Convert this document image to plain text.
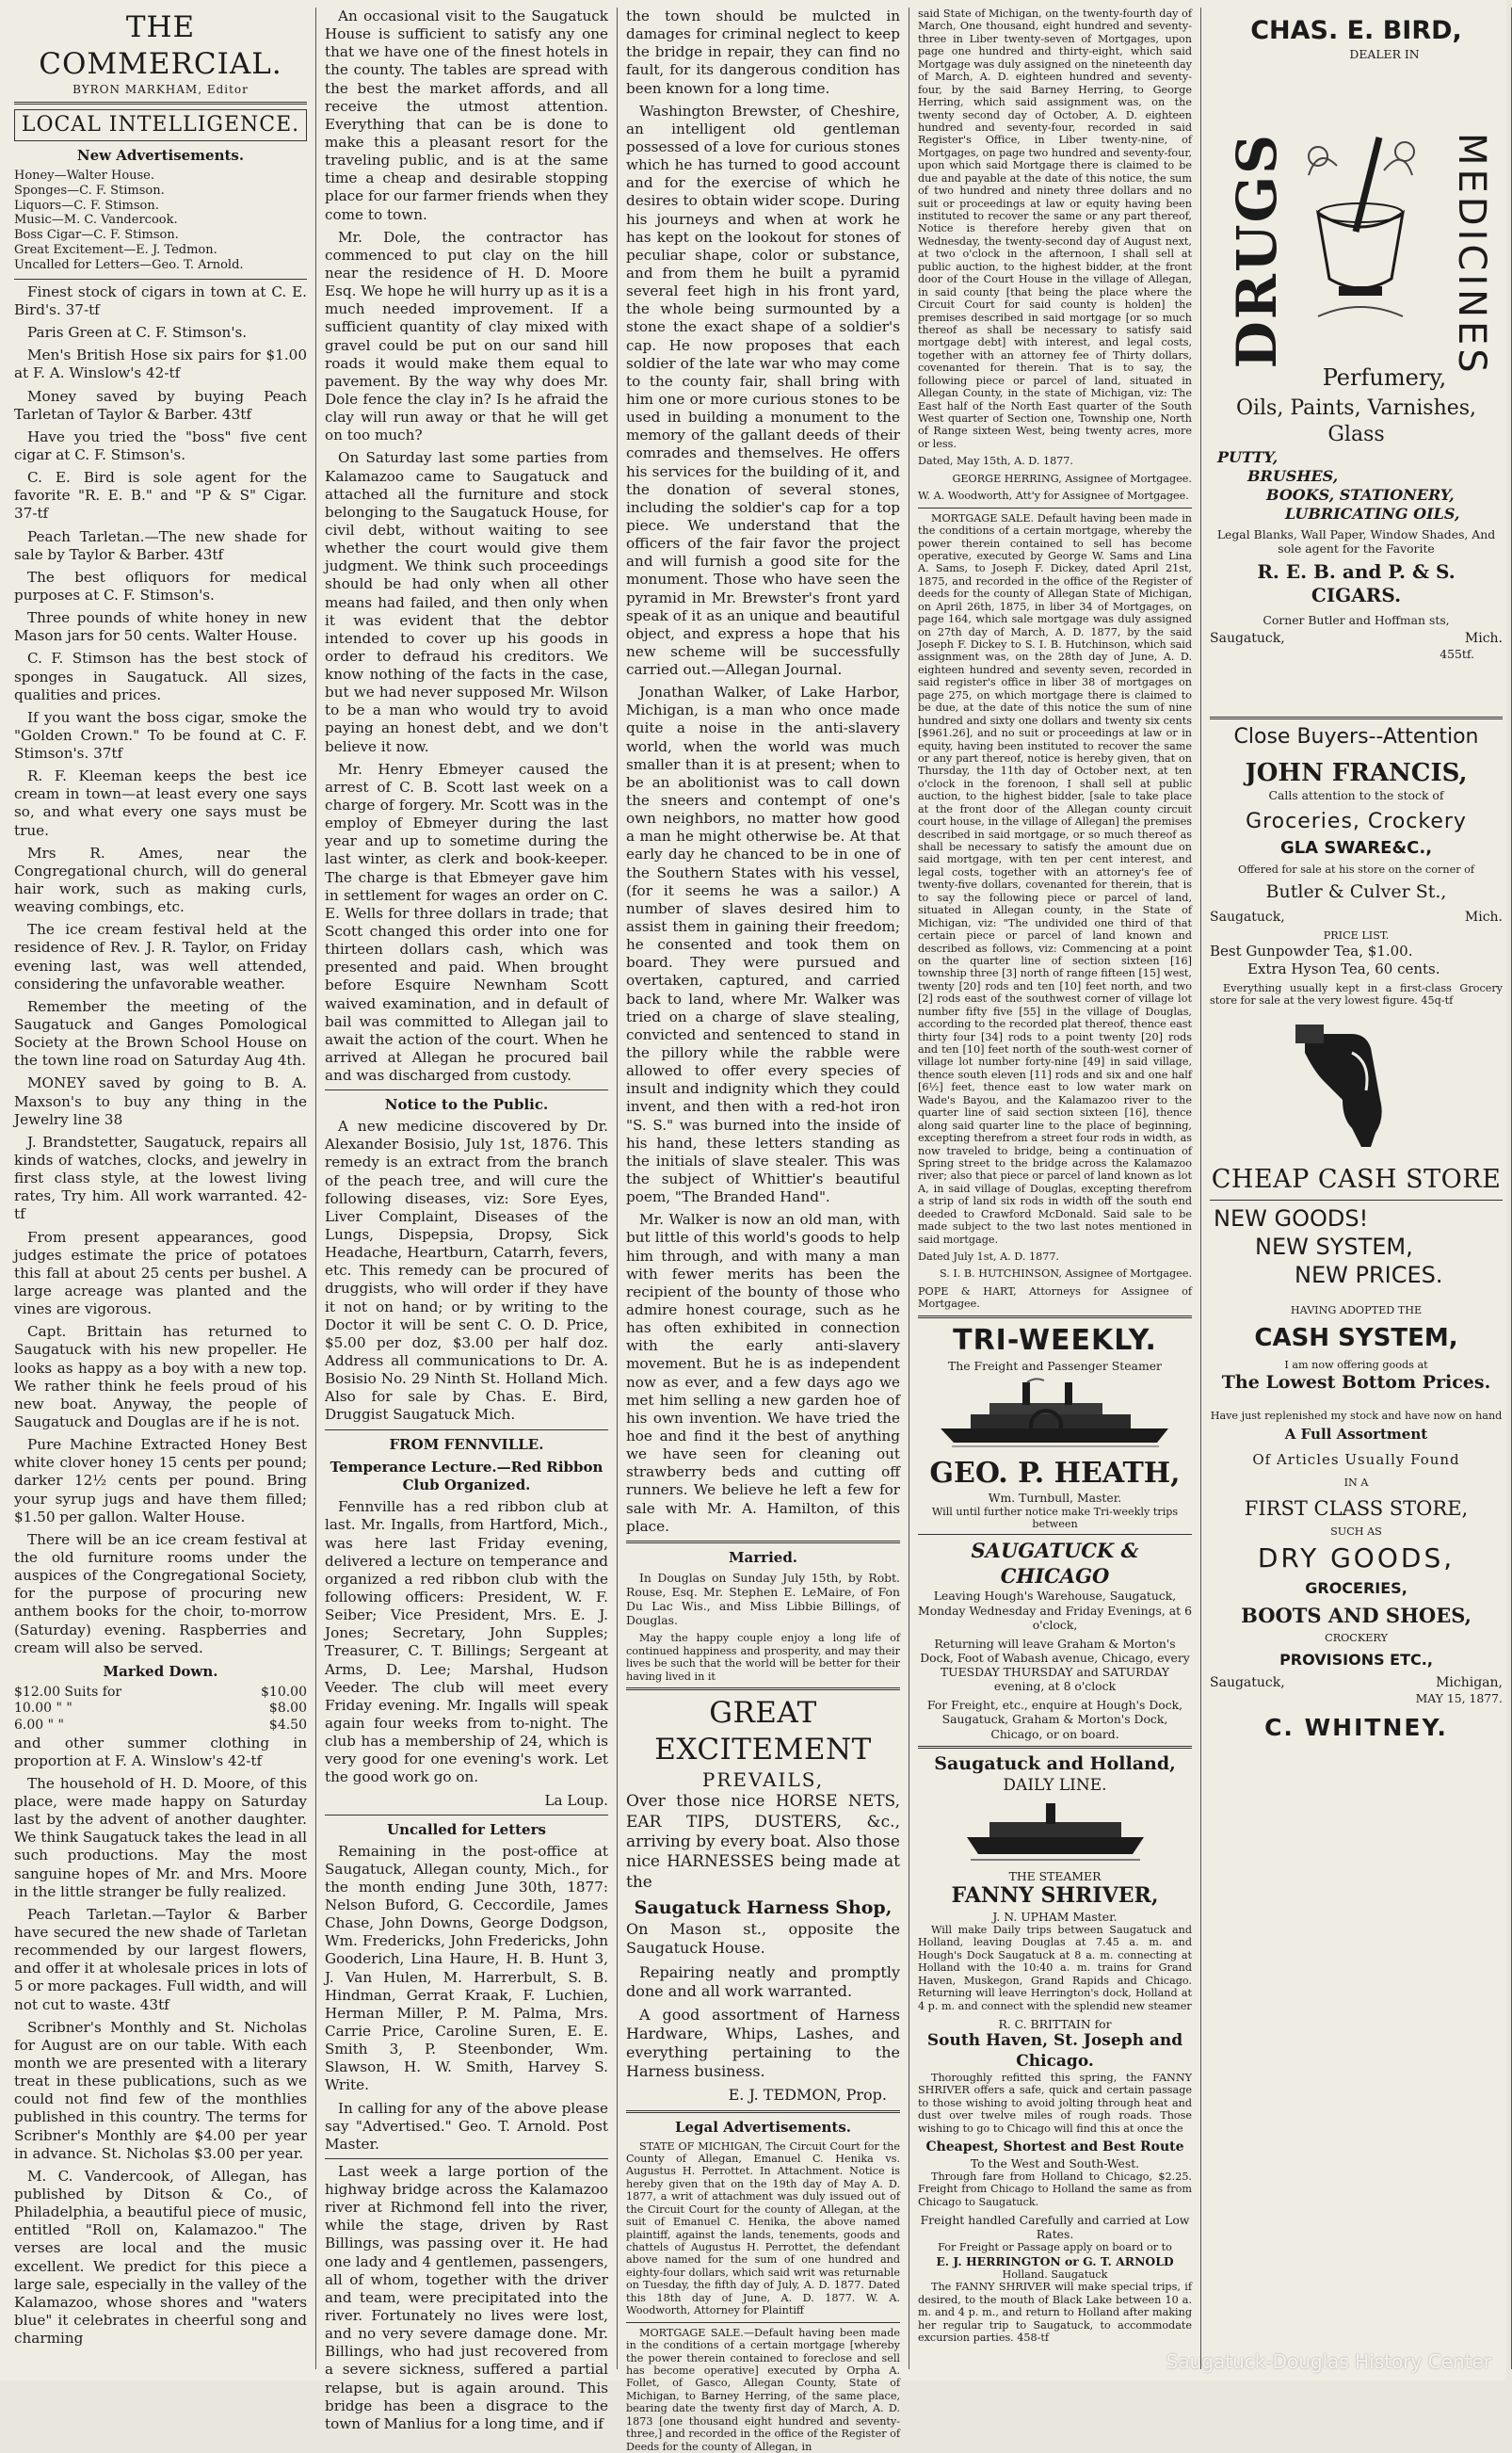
THE COMMERCIAL.
BYRON MARKHAM, Editor
LOCAL INTELLIGENCE.
New Advertisements.
Honey—Walter House.
Sponges—C. F. Stimson.
Liquors—C. F. Stimson.
Music—M. C. Vandercook.
Boss Cigar—C. F. Stimson.
Great Excitement—E. J. Tedmon.
Uncalled for Letters—Geo. T. Arnold.

Finest stock of cigars in town at C. E. Bird's. 37-tf

Paris Green at C. F. Stimson's.

Men's British Hose six pairs for $1.00 at F. A. Winslow's 42-tf

Money saved by buying Peach Tarletan of Taylor & Barber. 43tf

Have you tried the "boss" five cent cigar at C. F. Stimson's.

C. E. Bird is sole agent for the favorite "R. E. B." and "P & S" Cigar. 37-tf

Peach Tarletan.—The new shade for sale by Taylor & Barber. 43tf

The best ofliquors for medical purposes at C. F. Stimson's.

Three pounds of white honey in new Mason jars for 50 cents. Walter House.

C. F. Stimson has the best stock of sponges in Saugatuck. All sizes, qualities and prices.

If you want the boss cigar, smoke the "Golden Crown." To be found at C. F. Stimson's. 37tf

R. F. Kleeman keeps the best ice cream in town—at least every one says so, and what every one says must be true.

Mrs R. Ames, near the Congregational church, will do general hair work, such as making curls, weaving combings, etc.

The ice cream festival held at the residence of Rev. J. R. Taylor, on Friday evening last, was well attended, considering the unfavorable weather.

Remember the meeting of the Saugatuck and Ganges Pomological Society at the Brown School House on the town line road on Saturday Aug 4th.

MONEY saved by going to B. A. Maxson's to buy any thing in the Jewelry line 38

J. Brandstetter, Saugatuck, repairs all kinds of watches, clocks, and jewelry in first class style, at the lowest living rates, Try him. All work warranted. 42-tf

From present appearances, good judges estimate the price of potatoes this fall at about 25 cents per bushel. A large acreage was planted and the vines are vigorous.

Capt. Brittain has returned to Saugatuck with his new propeller. He looks as happy as a boy with a new top. We rather think he feels proud of his new boat. Anyway, the people of Saugatuck and Douglas are if he is not.

Pure Machine Extracted Honey Best white clover honey 15 cents per pound; darker 12½ cents per pound. Bring your syrup jugs and have them filled; $1.50 per gallon. Walter House.

There will be an ice cream festival at the old furniture rooms under the auspices of the Congregational Society, for the purpose of procuring new anthem books for the choir, to-morrow (Saturday) evening. Raspberries and cream will also be served.

Marked Down.
$12.00 Suits for	$10.00
10.00 " "	$8.00
6.00 " "	$4.50

and other summer clothing in proportion at F. A. Winslow's 42-tf

The household of H. D. Moore, of this place, were made happy on Saturday last by the advent of another daughter. We think Saugatuck takes the lead in all such productions. May the most sanguine hopes of Mr. and Mrs. Moore in the little stranger be fully realized.

Peach Tarletan.—Taylor & Barber have secured the new shade of Tarletan recommended by our largest flowers, and offer it at wholesale prices in lots of 5 or more packages. Full width, and will not cut to waste. 43tf

Scribner's Monthly and St. Nicholas for August are on our table. With each month we are presented with a literary treat in these publications, such as we could not find few of the monthlies published in this country. The terms for Scribner's Monthly are $4.00 per year in advance. St. Nicholas $3.00 per year.

M. C. Vandercook, of Allegan, has published by Ditson & Co., of Philadelphia, a beautiful piece of music, entitled "Roll on, Kalamazoo." The verses are local and the music excellent. We predict for this piece a large sale, especially in the valley of the Kalamazoo, whose shores and "waters blue" it celebrates in cheerful song and charming

An occasional visit to the Saugatuck House is sufficient to satisfy any one that we have one of the finest hotels in the county. The tables are spread with the best the market affords, and all receive the utmost attention. Everything that can be is done to make this a pleasant resort for the traveling public, and is at the same time a cheap and desirable stopping place for our farmer friends when they come to town.

Mr. Dole, the contractor has commenced to put clay on the hill near the residence of H. D. Moore Esq. We hope he will hurry up as it is a much needed improvement. If a sufficient quantity of clay mixed with gravel could be put on our sand hill roads it would make them equal to pavement. By the way why does Mr. Dole fence the clay in? Is he afraid the clay will run away or that he will get on too much?

On Saturday last some parties from Kalamazoo came to Saugatuck and attached all the furniture and stock belonging to the Saugatuck House, for civil debt, without waiting to see whether the court would give them judgment. We think such proceedings should be had only when all other means had failed, and then only when it was evident that the debtor intended to cover up his goods in order to defraud his creditors. We know nothing of the facts in the case, but we had never supposed Mr. Wilson to be a man who would try to avoid paying an honest debt, and we don't believe it now.

Mr. Henry Ebmeyer caused the arrest of C. B. Scott last week on a charge of forgery. Mr. Scott was in the employ of Ebmeyer during the last year and up to sometime during the last winter, as clerk and book-keeper. The charge is that Ebmeyer gave him in settlement for wages an order on C. E. Wells for three dollars in trade; that Scott changed this order into one for thirteen dollars cash, which was presented and paid. When brought before Esquire Newnham Scott waived examination, and in default of bail was committed to Allegan jail to await the action of the court. When he arrived at Allegan he procured bail and was discharged from custody.

Notice to the Public.

A new medicine discovered by Dr. Alexander Bosisio, July 1st, 1876. This remedy is an extract from the branch of the peach tree, and will cure the following diseases, viz: Sore Eyes, Liver Complaint, Diseases of the Lungs, Dispepsia, Dropsy, Sick Headache, Heartburn, Catarrh, fevers, etc. This remedy can be procured of druggists, who will order if they have it not on hand; or by writing to the Doctor it will be sent C. O. D. Price, $5.00 per doz, $3.00 per half doz. Address all communications to Dr. A. Bosisio No. 29 Ninth St. Holland Mich. Also for sale by Chas. E. Bird, Druggist Saugatuck Mich.

FROM FENNVILLE.
Temperance Lecture.—Red Ribbon Club Organized.

Fennville has a red ribbon club at last. Mr. Ingalls, from Hartford, Mich., was here last Friday evening, delivered a lecture on temperance and organized a red ribbon club with the following officers: President, W. F. Seiber; Vice President, Mrs. E. J. Jones; Secretary, John Supples; Treasurer, C. T. Billings; Sergeant at Arms, D. Lee; Marshal, Hudson Veeder. The club will meet every Friday evening. Mr. Ingalls will speak again four weeks from to-night. The club has a membership of 24, which is very good for one evening's work. Let the good work go on.

La Loup.

Uncalled for Letters

Remaining in the post-office at Saugatuck, Allegan county, Mich., for the month ending June 30th, 1877: Nelson Buford, G. Ceccordile, James Chase, John Downs, George Dodgson, Wm. Fredericks, John Fredericks, John Gooderich, Lina Haure, H. B. Hunt 3, J. Van Hulen, M. Harrerbult, S. B. Hindman, Gerrat Kraak, F. Luchien, Herman Miller, P. M. Palma, Mrs. Carrie Price, Caroline Suren, E. E. Smith 3, P. Steenbonder, Wm. Slawson, H. W. Smith, Harvey S. Write.

In calling for any of the above please say "Advertised." Geo. T. Arnold. Post Master.

Last week a large portion of the highway bridge across the Kalamazoo river at Richmond fell into the river, while the stage, driven by Rast Billings, was passing over it. He had one lady and 4 gentlemen, passengers, all of whom, together with the driver and team, were precipitated into the river. Fortunately no lives were lost, and no very severe damage done. Mr. Billings, who had just recovered from a severe sickness, suffered a partial relapse, but is again around. This bridge has been a disgrace to the town of Manlius for a long time, and if

the town should be mulcted in damages for criminal neglect to keep the bridge in repair, they can find no fault, for its dangerous condition has been known for a long time.

Washington Brewster, of Cheshire, an intelligent old gentleman possessed of a love for curious stones which he has turned to good account and for the exercise of which he desires to obtain wider scope. During his journeys and when at work he has kept on the lookout for stones of peculiar shape, color or substance, and from them he built a pyramid several feet high in his front yard, the whole being surmounted by a stone the exact shape of a soldier's cap. He now proposes that each soldier of the late war who may come to the county fair, shall bring with him one or more curious stones to be used in building a monument to the memory of the gallant deeds of their comrades and themselves. He offers his services for the building of it, and the donation of several stones, including the soldier's cap for a top piece. We understand that the officers of the fair favor the project and will furnish a good site for the monument. Those who have seen the pyramid in Mr. Brewster's front yard speak of it as an unique and beautiful object, and express a hope that his new scheme will be successfully carried out.—Allegan Journal.

Jonathan Walker, of Lake Harbor, Michigan, is a man who once made quite a noise in the anti-slavery world, when the world was much smaller than it is at present; when to be an abolitionist was to call down the sneers and contempt of one's own neighbors, no matter how good a man he might otherwise be. At that early day he chanced to be in one of the Southern States with his vessel, (for it seems he was a sailor.) A number of slaves desired him to assist them in gaining their freedom; he consented and took them on board. They were pursued and overtaken, captured, and carried back to land, where Mr. Walker was tried on a charge of slave stealing, convicted and sentenced to stand in the pillory while the rabble were allowed to offer every species of insult and indignity which they could invent, and then with a red-hot iron "S. S." was burned into the inside of his hand, these letters standing as the initials of slave stealer. This was the subject of Whittier's beautiful poem, "The Branded Hand".

Mr. Walker is now an old man, with but little of this world's goods to help him through, and with many a man with fewer merits has been the recipient of the bounty of those who admire honest courage, such as he has often exhibited in connection with the early anti-slavery movement. But he is as independent now as ever, and a few days ago we met him selling a new garden hoe of his own invention. We have tried the hoe and find it the best of anything we have seen for cleaning out strawberry beds and cutting off runners. We believe he left a few for sale with Mr. A. Hamilton, of this place.

Married.

In Douglas on Sunday July 15th, by Robt. Rouse, Esq. Mr. Stephen E. LeMaire, of Fon Du Lac Wis., and Miss Libbie Billings, of Douglas.

May the happy couple enjoy a long life of continued happiness and prosperity, and may their lives be such that the world will be better for their having lived in it

GREAT EXCITEMENT
PREVAILS,

Over those nice HORSE NETS, EAR TIPS, DUSTERS, &c., arriving by every boat. Also those nice HARNESSES being made at the

Saugatuck Harness Shop,

On Mason st., opposite the Saugatuck House.

Repairing neatly and promptly done and all work warranted.

A good assortment of Harness Hardware, Whips, Lashes, and everything pertaining to the Harness business.

E. J. TEDMON, Prop.
Legal Advertisements.

STATE OF MICHIGAN, The Circuit Court for the County of Allegan, Emanuel C. Henika vs. Augustus H. Perrottet. In Attachment. Notice is hereby given that on the 19th day of May A. D. 1877, a writ of attachment was duly issued out of the Circuit Court for the county of Allegan, at the suit of Emanuel C. Henika, the above named plaintiff, against the lands, tenements, goods and chattels of Augustus H. Perrottet, the defendant above named for the sum of one hundred and eighty-four dollars, which said writ was returnable on Tuesday, the fifth day of July, A. D. 1877. Dated this 18th day of June, A. D. 1877. W. A. Woodworth, Attorney for Plaintiff

MORTGAGE SALE.—Default having been made in the conditions of a certain mortgage [whereby the power therein contained to foreclose and sell has become operative] executed by Orpha A. Follet, of Gasco, Allegan County, State of Michigan, to Barney Herring, of the same place, bearing date the twenty first day of March, A. D. 1873 [one thousand eight hundred and seventy-three,] and recorded in the office of the Register of Deeds for the county of Allegan, in

said State of Michigan, on the twenty-fourth day of March, One thousand, eight hundred and seventy-three in Liber twenty-seven of Mortgages, upon page one hundred and thirty-eight, which said Mortgage was duly assigned on the nineteenth day of March, A. D. eighteen hundred and seventy-four, by the said Barney Herring, to George Herring, which said assignment was, on the twenty second day of October, A. D. eighteen hundred and seventy-four, recorded in said Register's Office, in Liber twenty-nine, of Mortgages, on page two hundred and seventy-four, upon which said Mortgage there is claimed to be due and payable at the date of this notice, the sum of two hundred and ninety three dollars and no suit or proceedings at law or equity having been instituted to recover the same or any part thereof, Notice is therefore hereby given that on Wednesday, the twenty-second day of August next, at two o'clock in the afternoon, I shall sell at public auction, to the highest bidder, at the front door of the Court House in the village of Allegan, in said county [that being the place where the Circuit Court for said county is holden] the premises described in said mortgage [or so much thereof as shall be necessary to satisfy said mortgage debt] with interest, and legal costs, together with an attorney fee of Thirty dollars, covenanted for therein. That is to say, the following piece or parcel of land, situated in Allegan County, in the state of Michigan, viz: The East half of the North East quarter of the South West quarter of Section one, Township one, North of Range sixteen West, being twenty acres, more or less.

Dated, May 15th, A. D. 1877.

GEORGE HERRING, Assignee of Mortgagee.

W. A. Woodworth, Att'y for Assignee of Mortgagee.

MORTGAGE SALE. Default having been made in the conditions of a certain mortgage, whereby the power therein contained to sell has become operative, executed by George W. Sams and Lina A. Sams, to Joseph F. Dickey, dated April 21st, 1875, and recorded in the office of the Register of deeds for the county of Allegan State of Michigan, on April 26th, 1875, in liber 34 of Mortgages, on page 164, which sale mortgage was duly assigned on 27th day of March, A. D. 1877, by the said Joseph F. Dickey to S. I. B. Hutchinson, which said assignment was, on the 28th day of June, A. D. eighteen hundred and seventy seven, recorded in said register's office in liber 38 of mortgages on page 275, on which mortgage there is claimed to be due, at the date of this notice the sum of nine hundred and sixty one dollars and twenty six cents [$961.26], and no suit or proceedings at law or in equity, having been instituted to recover the same or any part thereof, notice is hereby given, that on Thursday, the 11th day of October next, at ten o'clock in the forenoon, I shall sell at public auction, to the highest bidder, [sale to take place at the front door of the Allegan county circuit court house, in the village of Allegan] the premises described in said mortgage, or so much thereof as shall be necessary to satisfy the amount due on said mortgage, with ten per cent interest, and legal costs, together with an attorney's fee of twenty-five dollars, covenanted for therein, that is to say the following piece or parcel of land, situated in Allegan county, in the State of Michigan, viz: "The undivided one third of that certain piece or parcel of land known and described as follows, viz: Commencing at a point on the quarter line of section sixteen [16] township three [3] north of range fifteen [15] west, twenty [20] rods and ten [10] feet north, and two [2] rods east of the southwest corner of village lot number fifty five [55] in the village of Douglas, according to the recorded plat thereof, thence east thirty four [34] rods to a point twenty [20] rods and ten [10] feet north of the south-west corner of village lot number forty-nine [49] in said village, thence south eleven [11] rods and six and one half [6½] feet, thence east to low water mark on Wade's Bayou, and the Kalamazoo river to the quarter line of said section sixteen [16], thence along said quarter line to the place of beginning, excepting therefrom a street four rods in width, as now traveled to bridge, being a continuation of Spring street to the bridge across the Kalamazoo river; also that piece or parcel of land known as lot A, in said village of Douglas, excepting therefrom a strip of land six rods in width off the south end deeded to Crawford McDonald. Said sale to be made subject to the two last notes mentioned in said mortgage.

Dated July 1st, A. D. 1877.

S. I. B. HUTCHINSON, Assignee of Mortgagee.

POPE & HART, Attorneys for Assignee of Mortgagee.

TRI-WEEKLY.
The Freight and Passenger Steamer
GEO. P. HEATH,
Wm. Turnbull, Master.
Will until further notice make Tri-weekly trips between
SAUGATUCK & CHICAGO

Leaving Hough's Warehouse, Saugatuck, Monday Wednesday and Friday Evenings, at 6 o'clock,

Returning will leave Graham & Morton's Dock, Foot of Wabash avenue, Chicago, every TUESDAY THURSDAY and SATURDAY evening, at 8 o'clock

For Freight, etc., enquire at Hough's Dock, Saugatuck, Graham & Morton's Dock, Chicago, or on board.

Saugatuck and Holland,
DAILY LINE.
THE STEAMER
FANNY SHRIVER,
J. N. UPHAM Master.

Will make Daily trips between Saugatuck and Holland, leaving Douglas at 7.45 a. m. and Hough's Dock Saugatuck at 8 a. m. connecting at Holland with the 10:40 a. m. trains for Grand Haven, Muskegon, Grand Rapids and Chicago. Returning will leave Herrington's dock, Holland at 4 p. m. and connect with the splendid new steamer

R. C. BRITTAIN for
South Haven, St. Joseph and Chicago.

Thoroughly refitted this spring, the FANNY SHRIVER offers a safe, quick and certain passage to those wishing to avoid jolting through heat and dust over twelve miles of rough roads. Those wishing to go to Chicago will find this at once the

Cheapest, Shortest and Best Route
To the West and South-West.

Through fare from Holland to Chicago, $2.25. Freight from Chicago to Holland the same as from Chicago to Saugatuck.

Freight handled Carefully and carried at Low Rates.
For Freight or Passage apply on board or to
E. J. HERRINGTON or G. T. ARNOLD
Holland. Saugatuck

The FANNY SHRIVER will make special trips, if desired, to the mouth of Black Lake between 10 a. m. and 4 p. m., and return to Holland after making her regular trip to Saugatuck, to accommodate excursion parties. 458-tf

CHAS. E. BIRD,
DEALER IN
DRUGS	MEDICINES
Perfumery,
Oils, Paints, Varnishes, Glass
PUTTY,
BRUSHES,
BOOKS, STATIONERY,
LUBRICATING OILS,
Legal Blanks, Wall Paper, Window Shades, And sole agent for the Favorite
R. E. B. and P. & S.
CIGARS.
Corner Butler and Hoffman sts,
Saugatuck,	Mich.
455tf.
Close Buyers--Attention
JOHN FRANCIS,
Calls attention to the stock of
Groceries, Crockery
GLA SWARE&C.,
Offered for sale at his store on the corner of
Butler & Culver St.,
Saugatuck,	Mich.
PRICE LIST.
Best Gunpowder Tea, $1.00.
Extra Hyson Tea, 60 cents.

Everything usually kept in a first-class Grocery store for sale at the very lowest figure. 45q-tf

CHEAP CASH STORE
NEW GOODS!
NEW SYSTEM,
NEW PRICES.
HAVING ADOPTED THE
CASH SYSTEM,
I am now offering goods at
The Lowest Bottom Prices.
Have just replenished my stock and have now on hand
A Full Assortment
Of Articles Usually Found
IN A
FIRST CLASS STORE,
SUCH AS
DRY GOODS,
GROCERIES,
BOOTS AND SHOES,
CROCKERY
PROVISIONS ETC.,
Saugatuck,	Michigan,
MAY 15, 1877.
C. WHITNEY.
Saugatuck-Douglas History Center
